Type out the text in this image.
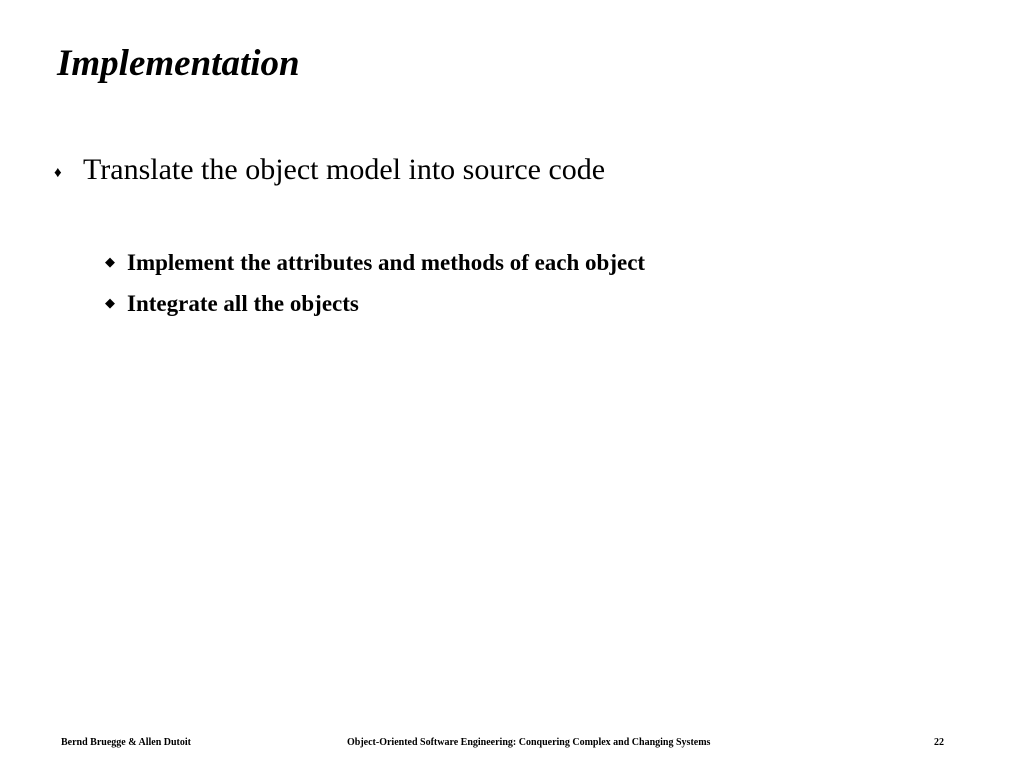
Implementation
♦ Translate the object model into source code
◆ Implement the attributes and methods of each object
◆ Integrate all the objects
Bernd Bruegge & Allen Dutoit	Object-Oriented Software Engineering: Conquering Complex and Changing Systems	22
